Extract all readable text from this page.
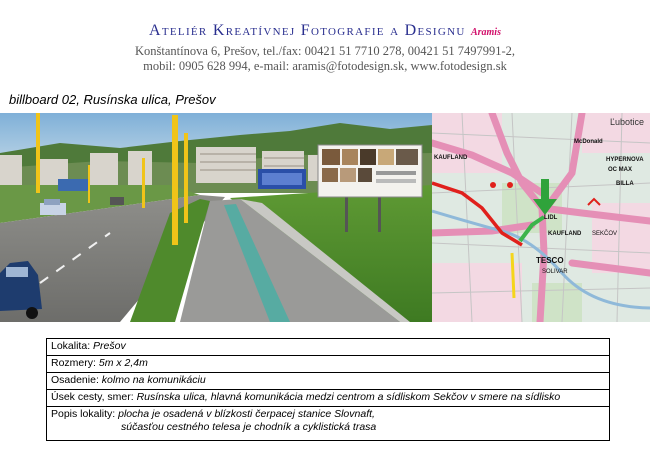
Ateliér Kreatívnej Fotografie a Designu Aramis
Konštantínova 6, Prešov, tel./fax: 00421 51 7710 278, 00421 51 7497991-2,
mobil: 0905 628 994, e-mail: aramis@fotodesign.sk, www.fotodesign.sk
billboard 02, Rusínska ulica, Prešov
Ľubotice
KAUFLAND
McDonald
HYPERNOVA
OC MAX
BILLA
LIDL
KAUFLAND SEKČOV
TESCO
SOLIVAR
Lokalita: Prešov
Rozmery: 5m x 2,4m
Osadenie: kolmo na komunikáciu
Úsek cesty, smer: Rusínska ulica, hlavná komunikácia medzi centrom a sídliskom Sekčov v smere na sídlisko
Popis lokality: plocha je osadená v blízkosti čerpacej stanice Slovnaft,
súčasťou cestného telesa je chodník a cyklistická trasa
